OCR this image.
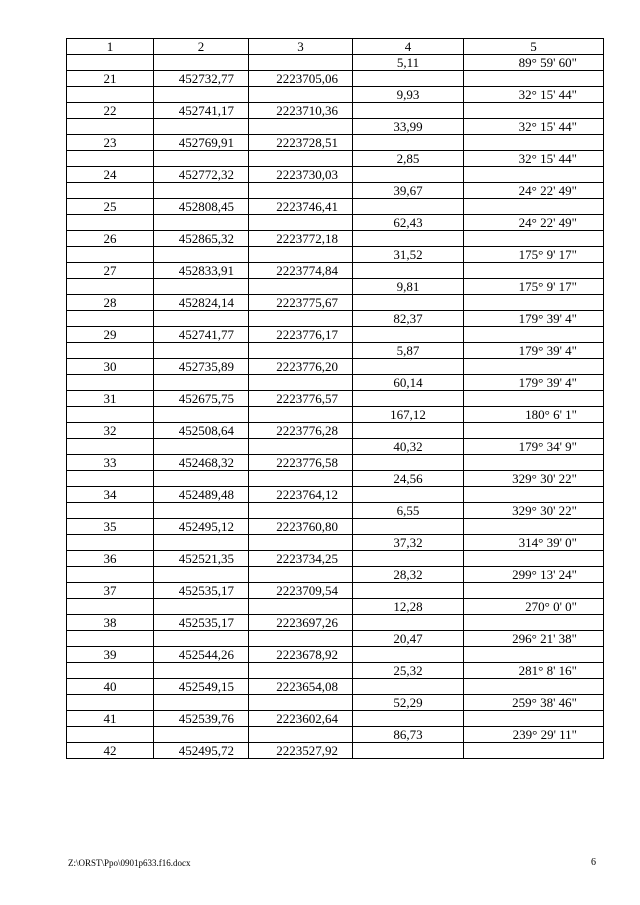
1	2	3	4	5
			5,11	89° 59' 60"
21	452732,77	2223705,06		
			9,93	32° 15' 44"
22	452741,17	2223710,36		
			33,99	32° 15' 44"
23	452769,91	2223728,51		
			2,85	32° 15' 44"
24	452772,32	2223730,03		
			39,67	24° 22' 49"
25	452808,45	2223746,41		
			62,43	24° 22' 49"
26	452865,32	2223772,18		
			31,52	175° 9' 17"
27	452833,91	2223774,84		
			9,81	175° 9' 17"
28	452824,14	2223775,67		
			82,37	179° 39' 4"
29	452741,77	2223776,17		
			5,87	179° 39' 4"
30	452735,89	2223776,20		
			60,14	179° 39' 4"
31	452675,75	2223776,57		
			167,12	180° 6' 1"
32	452508,64	2223776,28		
			40,32	179° 34' 9"
33	452468,32	2223776,58		
			24,56	329° 30' 22"
34	452489,48	2223764,12		
			6,55	329° 30' 22"
35	452495,12	2223760,80		
			37,32	314° 39' 0"
36	452521,35	2223734,25		
			28,32	299° 13' 24"
37	452535,17	2223709,54		
			12,28	270° 0' 0"
38	452535,17	2223697,26		
			20,47	296° 21' 38"
39	452544,26	2223678,92		
			25,32	281° 8' 16"
40	452549,15	2223654,08		
			52,29	259° 38' 46"
41	452539,76	2223602,64		
			86,73	239° 29' 11"
42	452495,72	2223527,92		
Z:\ORST\Ppo\0901p633.f16.docx	6
